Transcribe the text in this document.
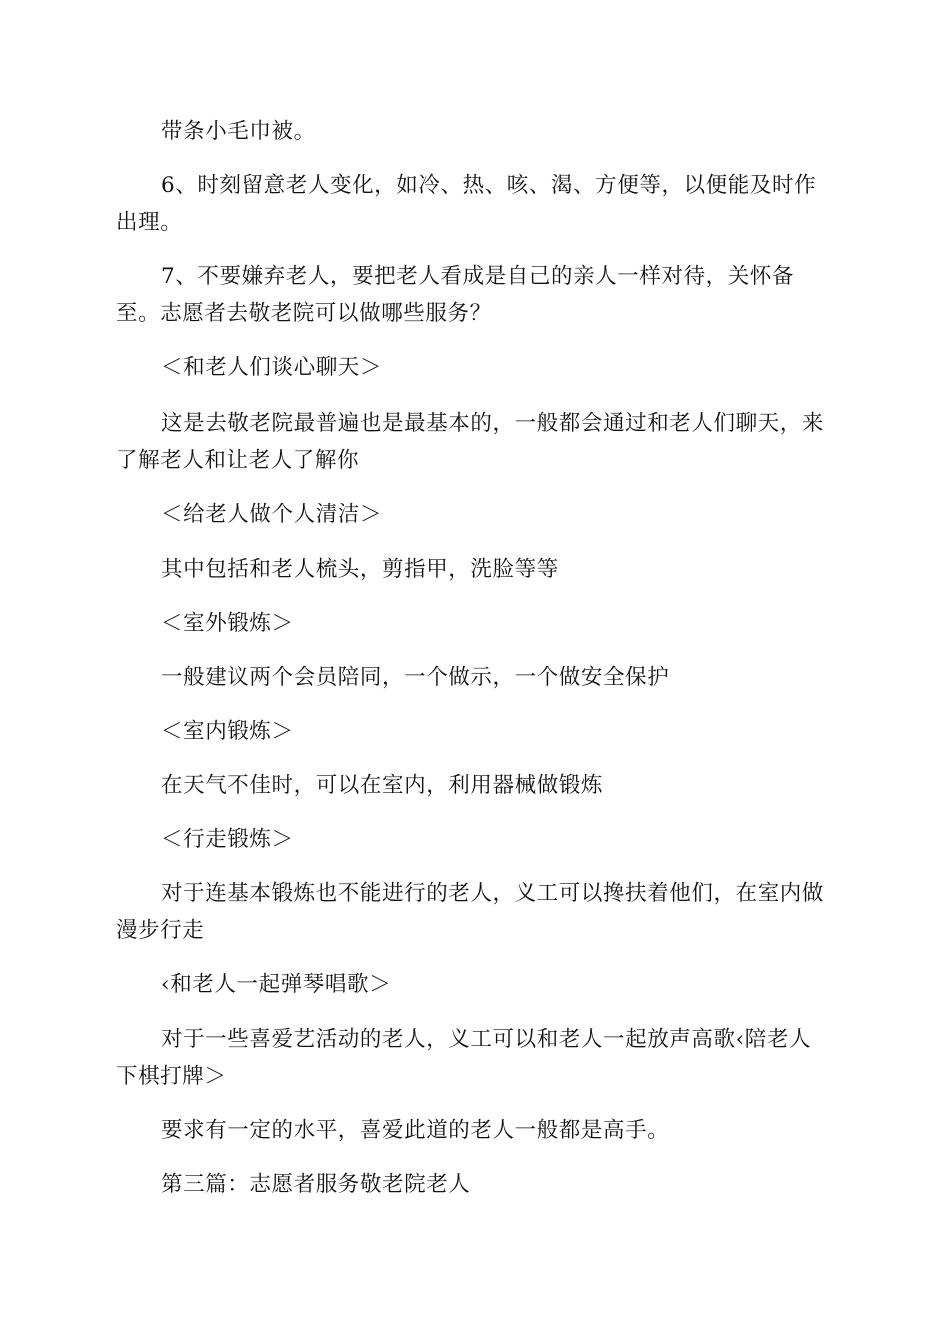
带条小毛巾被。

6、时刻留意老人变化，如冷、热、咳、渴、方便等，以便能及时作
出理。

7、不要嫌弃老人，要把老人看成是自己的亲人一样对待，关怀备
至。志愿者去敬老院可以做哪些服务？

＜和老人们谈心聊天＞

这是去敬老院最普遍也是最基本的，一般都会通过和老人们聊天，来
了解老人和让老人了解你

＜给老人做个人清洁＞

其中包括和老人梳头，剪指甲，洗脸等等

＜室外锻炼＞

一般建议两个会员陪同，一个做示，一个做安全保护

＜室内锻炼＞

在天气不佳时，可以在室内，利用器械做锻炼

＜行走锻炼＞

对于连基本锻炼也不能进行的老人，义工可以搀扶着他们，在室内做
漫步行走

‹和老人一起弹琴唱歌＞

对于一些喜爱艺活动的老人，义工可以和老人一起放声高歌‹陪老人
下棋打牌＞

要求有一定的水平，喜爱此道的老人一般都是高手。

第三篇：志愿者服务敬老院老人
